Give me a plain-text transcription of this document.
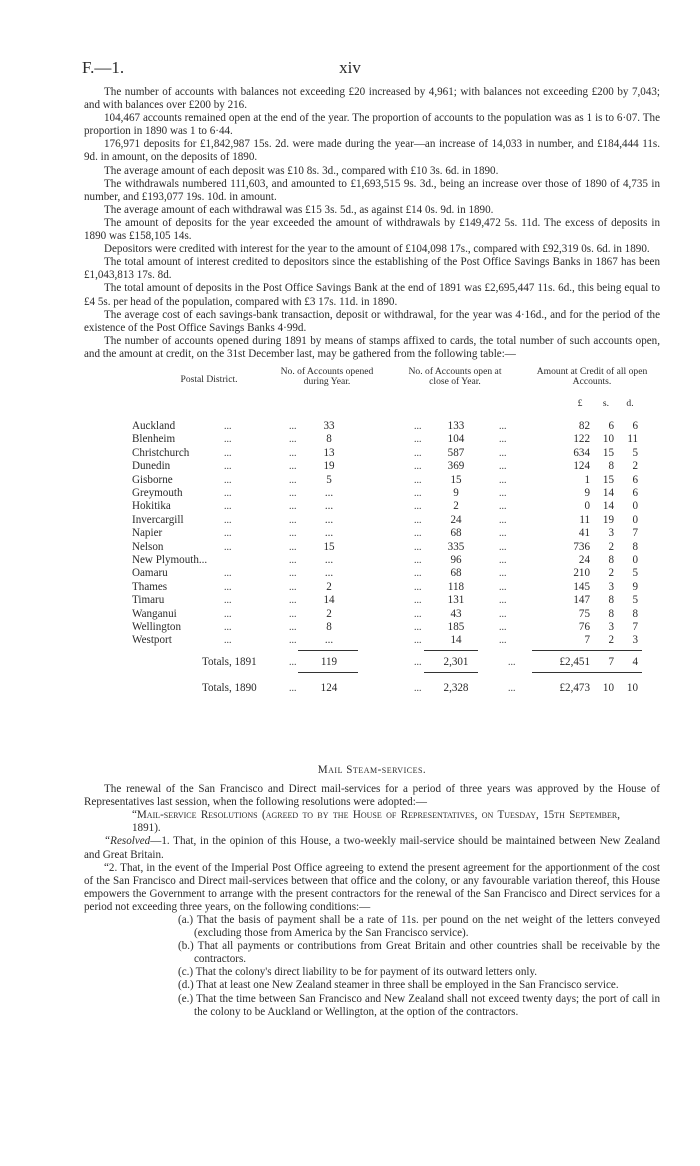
F.—1.	xiv

The number of accounts with balances not exceeding £20 increased by 4,961; with balances not exceeding £200 by 7,043; and with balances over £200 by 216.

104,467 accounts remained open at the end of the year. The proportion of accounts to the population was as 1 is to 6·07. The proportion in 1890 was 1 to 6·44.

176,971 deposits for £1,842,987 15s. 2d. were made during the year—an increase of 14,033 in number, and £184,444 11s. 9d. in amount, on the deposits of 1890.

The average amount of each deposit was £10 8s. 3d., compared with £10 3s. 6d. in 1890.

The withdrawals numbered 111,603, and amounted to £1,693,515 9s. 3d., being an increase over those of 1890 of 4,735 in number, and £193,077 19s. 10d. in amount.

The average amount of each withdrawal was £15 3s. 5d., as against £14 0s. 9d. in 1890.

The amount of deposits for the year exceeded the amount of withdrawals by £149,472 5s. 11d. The excess of deposits in 1890 was £158,105 14s.

Depositors were credited with interest for the year to the amount of £104,098 17s., compared with £92,319 0s. 6d. in 1890.

The total amount of interest credited to depositors since the establishing of the Post Office Savings Banks in 1867 has been £1,043,813 17s. 8d.

The total amount of deposits in the Post Office Savings Bank at the end of 1891 was £2,695,447 11s. 6d., this being equal to £4 5s. per head of the population, compared with £3 17s. 11d. in 1890.

The average cost of each savings-bank transaction, deposit or withdrawal, for the year was 4·16d., and for the period of the existence of the Post Office Savings Banks 4·99d.

The number of accounts opened during 1891 by means of stamps affixed to cards, the total number of such accounts open, and the amount at credit, on the 31st December last, may be gathered from the following table:—

Postal District.
No. of Accounts opened during Year.
No. of Accounts open at close of Year.
Amount at Credit of all open Accounts.
£	s.	d.
Auckland	...	...	33	...	133	...	82	6	6
Blenheim	...	...	8	...	104	...	122	10	11
Christchurch	...	...	13	...	587	...	634	15	5
Dunedin	...	...	19	...	369	...	124	8	2
Gisborne	...	...	5	...	15	...	1	15	6
Greymouth	...	...	...	...	9	...	9	14	6
Hokitika	...	...	...	...	2	...	0	14	0
Invercargill	...	...	...	...	24	...	11	19	0
Napier	...	...	...	...	68	...	41	3	7
Nelson	...	...	15	...	335	...	736	2	8
New Plymouth...	...	...	...	96	...	24	8	0
Oamaru	...	...	...	...	68	...	210	2	5
Thames	...	...	2	...	118	...	145	3	9
Timaru	...	...	14	...	131	...	147	8	5
Wanganui	...	...	2	...	43	...	75	8	8
Wellington	...	...	8	...	185	...	76	3	7
Westport	...	...	...	...	14	...	7	2	3
Totals, 1891	...	119	...	2,301	...	£2,451	7	4
Totals, 1890	...	124	...	2,328	...	£2,473	10	10
Mail Steam-services.

The renewal of the San Francisco and Direct mail-services for a period of three years was approved by the House of Representatives last session, when the following resolutions were adopted:—

“Mail-service Resolutions (agreed to by the House of Representatives, on Tuesday, 15th September, 1891).

“Resolved—1. That, in the opinion of this House, a two-weekly mail-service should be maintained between New Zealand and Great Britain.

“2. That, in the event of the Imperial Post Office agreeing to extend the present agreement for the apportionment of the cost of the San Francisco and Direct mail-services between that office and the colony, or any favourable variation thereof, this House empowers the Government to arrange with the present contractors for the renewal of the San Francisco and Direct services for a period not exceeding three years, on the following conditions:—

(a.) That the basis of payment shall be a rate of 11s. per pound on the net weight of the letters conveyed (excluding those from America by the San Francisco service).

(b.) That all payments or contributions from Great Britain and other countries shall be receivable by the contractors.

(c.) That the colony's direct liability to be for payment of its outward letters only.

(d.) That at least one New Zealand steamer in three shall be employed in the San Francisco service.

(e.) That the time between San Francisco and New Zealand shall not exceed twenty days; the port of call in the colony to be Auckland or Wellington, at the option of the contractors.
